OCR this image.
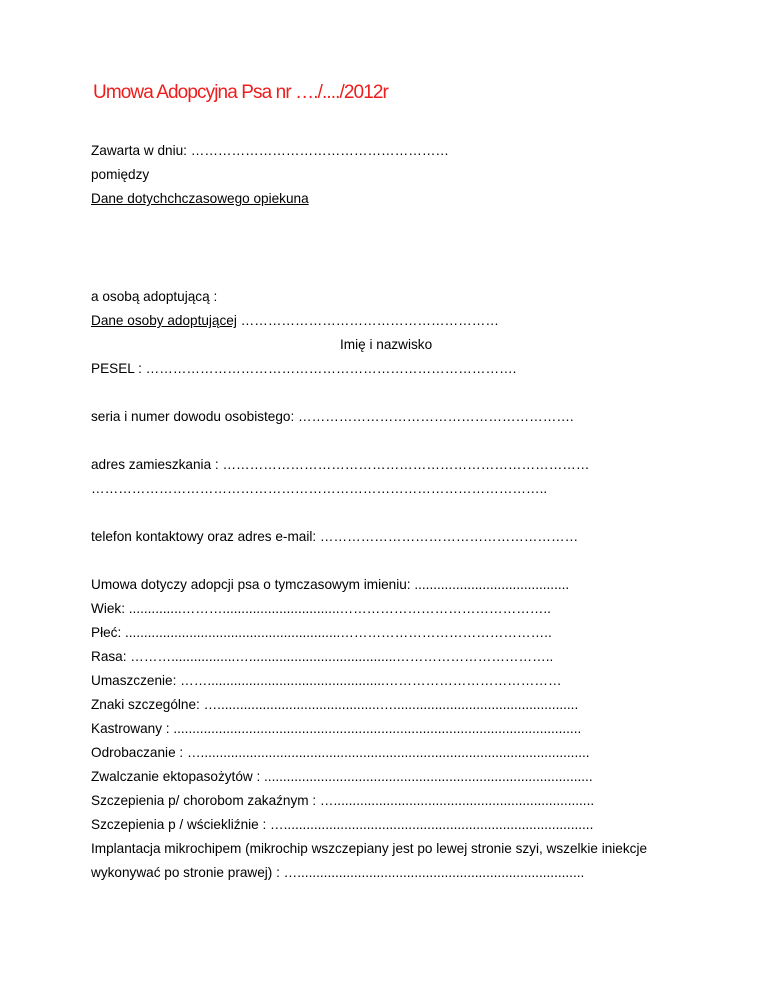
Umowa Adopcyjna Psa nr …./..../2012r
Zawarta w dniu: …………………………………………………
pomiędzy
Dane dotychchczasowego opiekuna
a osobą adoptującą :
Dane osoby adoptującej …………………………………………………
Imię i nazwisko
PESEL : ……………………………………………………………………….
seria i numer dowodu osobistego: …………………………………………………….
adres zamieszkania : ………………………………………………………………………
………………………………………………………………………………………..
telefon kontaktowy oraz adres e-mail: …………………………………………………
Umowa dotyczy adopcji psa o tymczasowym imieniu: .........................................
Wiek: ..............………...............................………………………………………..
Płeć: .........................................................………………………………………..
Rasa: ……….................….......................................……………………………..
Umaszczenie: ……...............................................…………………………………
Znaki szczególne: …...........................................….................................................
Kastrowany : ............................................................................................................
Odrobaczanie : ….......................................................................................................
Zwalczanie ektopasożytów : .......................................................................................
Szczepienia p/ chorobom zakaźnym : ….....................................................................
Szczepienia p / wściekliźnie : …..................................................................................
Implantacja mikrochipem (mikrochip wszczepiany jest po lewej stronie szyi, wszelkie iniekcje
wykonywać po stronie prawej) : …............................................................................
